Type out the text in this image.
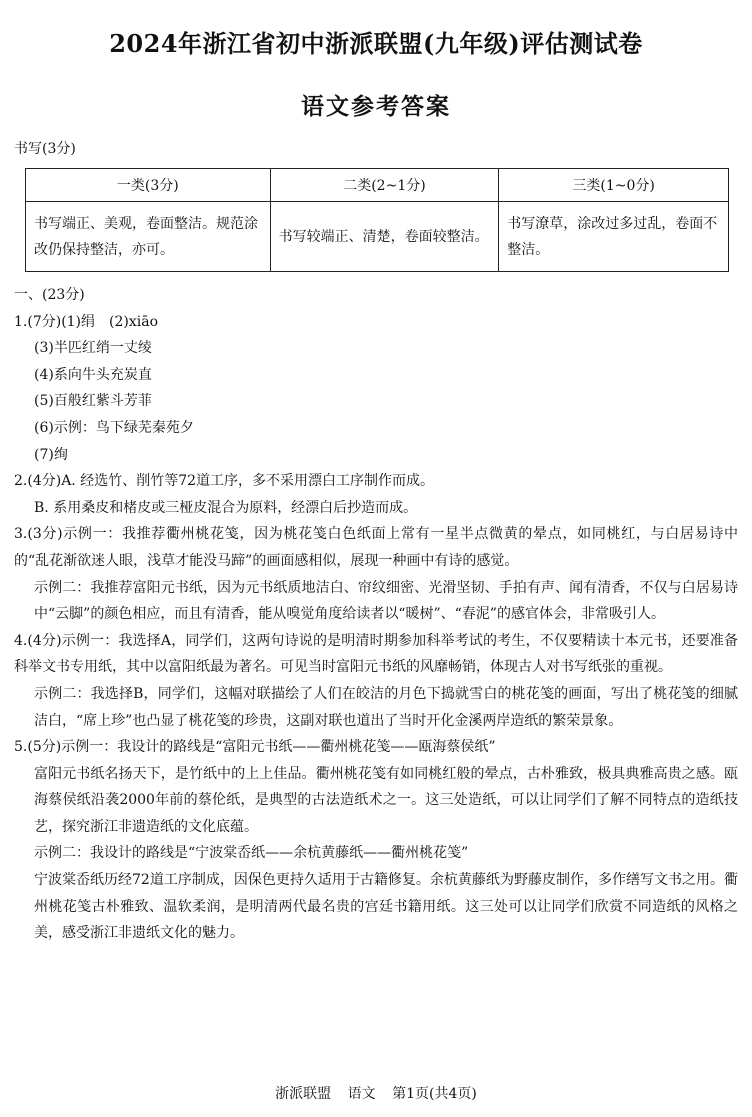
2024年浙江省初中浙派联盟(九年级)评估测试卷
语文参考答案
书写(3分)
一类(3分)	二类(2~1分)	三类(1~0分)
书写端正、美观，卷面整洁。规范涂改仍保持整洁，亦可。	书写较端正、清楚，卷面较整洁。	书写潦草，涂改过多过乱，卷面不整洁。
一、(23分)
1.(7分)(1)绢　(2)xiāo
(3)半匹红绡一丈绫
(4)系向牛头充炭直
(5)百般红紫斗芳菲
(6)示例：鸟下绿芜秦苑夕
(7)绚
2.(4分)A. 经选竹、削竹等72道工序，多不采用漂白工序制作而成。
B. 系用桑皮和楮皮或三桠皮混合为原料，经漂白后抄造而成。
3.(3分)示例一：我推荐衢州桃花笺，因为桃花笺白色纸面上常有一星半点微黄的晕点，如同桃红，与白居易诗中的“乱花渐欲迷人眼，浅草才能没马蹄”的画面感相似，展现一种画中有诗的感觉。
示例二：我推荐富阳元书纸，因为元书纸质地洁白、帘纹细密、光滑坚韧、手拍有声、闻有清香，不仅与白居易诗中“云脚”的颜色相应，而且有清香，能从嗅觉角度给读者以“暖树”、“春泥”的感官体会，非常吸引人。
4.(4分)示例一：我选择A，同学们，这两句诗说的是明清时期参加科举考试的考生，不仅要精读十本元书，还要准备科举文书专用纸，其中以富阳纸最为著名。可见当时富阳元书纸的风靡畅销，体现古人对书写纸张的重视。
示例二：我选择B，同学们，这幅对联描绘了人们在皎洁的月色下捣就雪白的桃花笺的画面，写出了桃花笺的细腻洁白，“席上珍”也凸显了桃花笺的珍贵，这副对联也道出了当时开化金溪两岸造纸的繁荣景象。
5.(5分)示例一：我设计的路线是“富阳元书纸——衢州桃花笺——瓯海蔡侯纸”
富阳元书纸名扬天下，是竹纸中的上上佳品。衢州桃花笺有如同桃红般的晕点，古朴雅致，极具典雅高贵之感。瓯海蔡侯纸沿袭2000年前的蔡伦纸，是典型的古法造纸术之一。这三处造纸，可以让同学们了解不同特点的造纸技艺，探究浙江非遗造纸的文化底蕴。
示例二：我设计的路线是“宁波棠岙纸——余杭黄藤纸——衢州桃花笺”
宁波棠岙纸历经72道工序制成，因保色更持久适用于古籍修复。余杭黄藤纸为野藤皮制作，多作缮写文书之用。衢州桃花笺古朴雅致、温软柔润，是明清两代最名贵的宫廷书籍用纸。这三处可以让同学们欣赏不同造纸的风格之美，感受浙江非遗纸文化的魅力。
浙派联盟 语文 第1页(共4页)
